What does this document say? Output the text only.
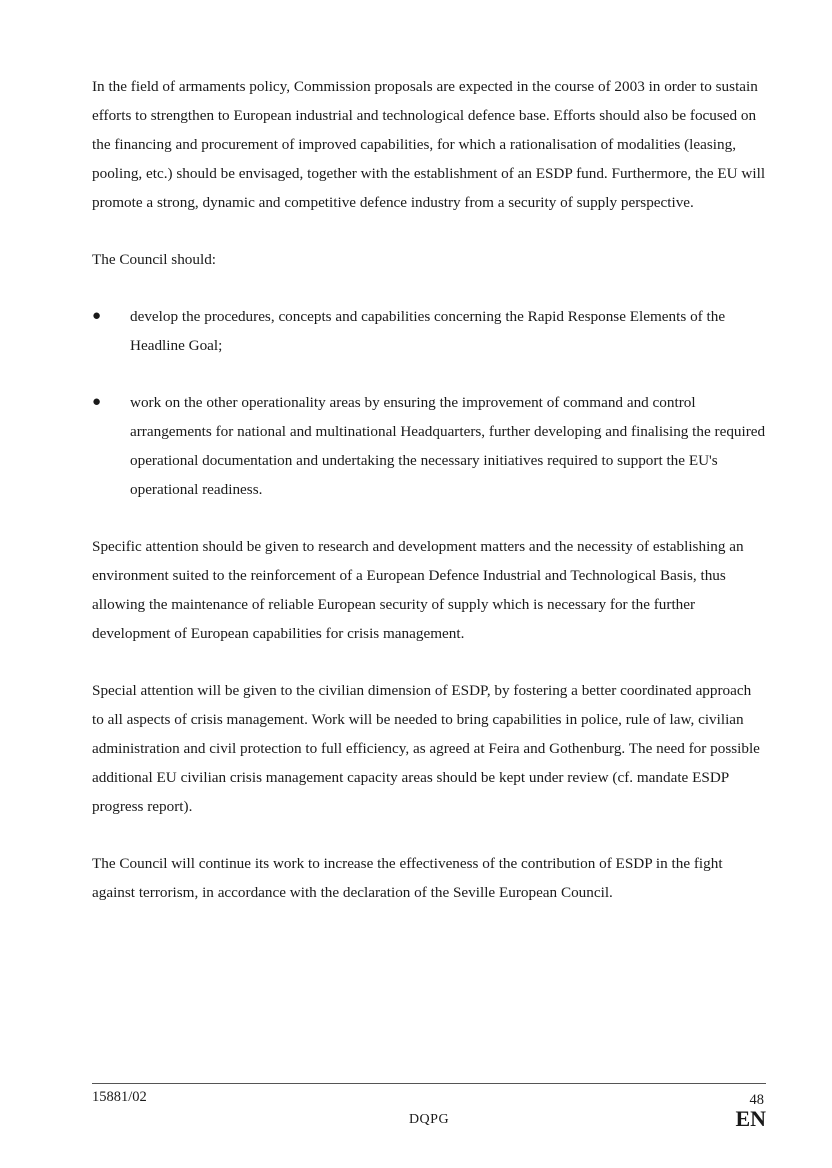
In the field of armaments policy, Commission proposals are expected in the course of 2003 in order to sustain efforts to strengthen to European industrial and technological defence base. Efforts should also be focused on the financing and procurement of improved capabilities, for which a rationalisation of modalities (leasing, pooling, etc.) should be envisaged, together with the establishment of an ESDP fund. Furthermore, the EU will promote a strong, dynamic and competitive defence industry from a security of supply perspective.

The Council should:

●	develop the procedures, concepts and capabilities concerning the Rapid Response Elements of the Headline Goal;
●	work on the other operationality areas by ensuring the improvement of command and control arrangements for national and multinational Headquarters, further developing and finalising the required operational documentation and undertaking the necessary initiatives required to support the EU's operational readiness.

Specific attention should be given to research and development matters and the necessity of establishing an environment suited to the reinforcement of a European Defence Industrial and Technological Basis, thus allowing the maintenance of reliable European security of supply which is necessary for the further development of European capabilities for crisis management.

Special attention will be given to the civilian dimension of ESDP, by fostering a better coordinated approach to all aspects of crisis management. Work will be needed to bring capabilities in police, rule of law, civilian administration and civil protection to full efficiency, as agreed at Feira and Gothenburg. The need for possible additional EU civilian crisis management capacity areas should be kept under review (cf. mandate ESDP progress report).

The Council will continue its work to increase the effectiveness of the contribution of ESDP in the fight against terrorism, in accordance with the declaration of the Seville European Council.

15881/02	48
DQPG	EN
